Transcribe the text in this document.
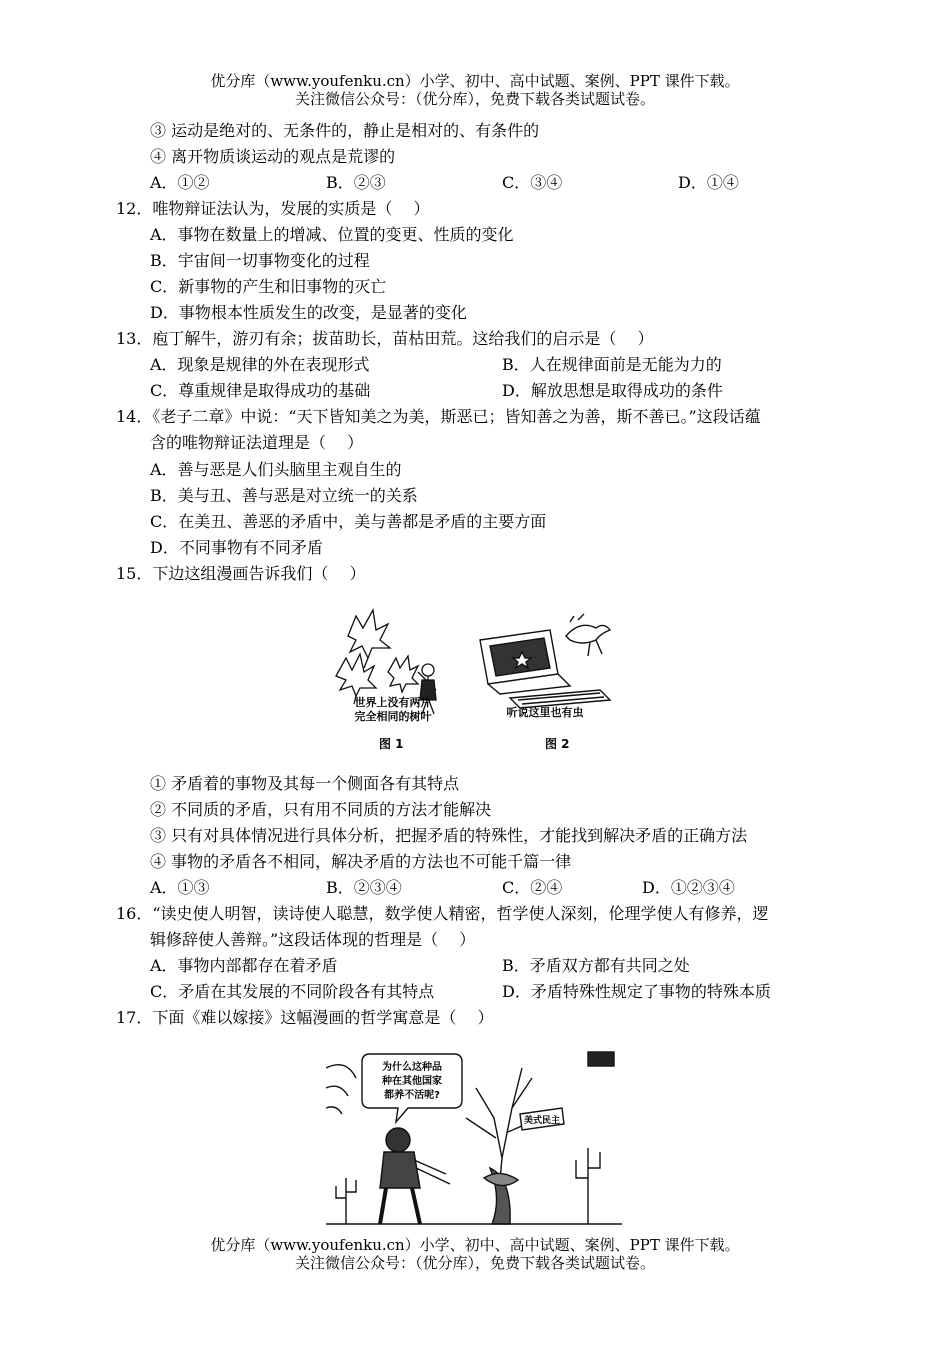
优分库（www.youfenku.cn）小学、初中、高中试题、案例、PPT 课件下载。
关注微信公众号：（优分库），免费下载各类试题试卷。
③ 运动是绝对的、无条件的，静止是相对的、有条件的
④ 离开物质谈运动的观点是荒谬的
A．①②	B．②③	C．③④	D．①④
12．唯物辩证法认为，发展的实质是（　 ）
A．事物在数量上的增减、位置的变更、性质的变化
B．宇宙间一切事物变化的过程
C．新事物的产生和旧事物的灭亡
D．事物根本性质发生的改变，是显著的变化
13．庖丁解牛，游刃有余；拔苗助长，苗枯田荒。这给我们的启示是（　 ）
A．现象是规律的外在表现形式	B．人在规律面前是无能为力的
C．尊重规律是取得成功的基础	D．解放思想是取得成功的条件
14．《老子二章》中说：“天下皆知美之为美，斯恶已；皆知善之为善，斯不善已。”这段话蕴
含的唯物辩证法道理是（　 ）
A．善与恶是人们头脑里主观自生的
B．美与丑、善与恶是对立统一的关系
C．在美丑、善恶的矛盾中，美与善都是矛盾的主要方面
D．不同事物有不同矛盾
15．下边这组漫画告诉我们（　 ）
世界上没有两片
完全相同的树叶	听说这里也有虫
图 1	图 2
① 矛盾着的事物及其每一个侧面各有其特点
② 不同质的矛盾，只有用不同质的方法才能解决
③ 只有对具体情况进行具体分析，把握矛盾的特殊性，才能找到解决矛盾的正确方法
④ 事物的矛盾各不相同，解决矛盾的方法也不可能千篇一律
A．①③	B．②③④	C．②④	D．①②③④
16．“读史使人明智，读诗使人聪慧，数学使人精密，哲学使人深刻，伦理学使人有修养，逻
辑修辞使人善辩。”这段话体现的哲理是（　 ）
A．事物内部都存在着矛盾	B．矛盾双方都有共同之处
C．矛盾在其发展的不同阶段各有其特点	D．矛盾特殊性规定了事物的特殊本质
17．下面《难以嫁接》这幅漫画的哲学寓意是（　 ）
为什么这种品
种在其他国家
都养不活呢?
美式民主
优分库（www.youfenku.cn）小学、初中、高中试题、案例、PPT 课件下载。
关注微信公众号：（优分库），免费下载各类试题试卷。
